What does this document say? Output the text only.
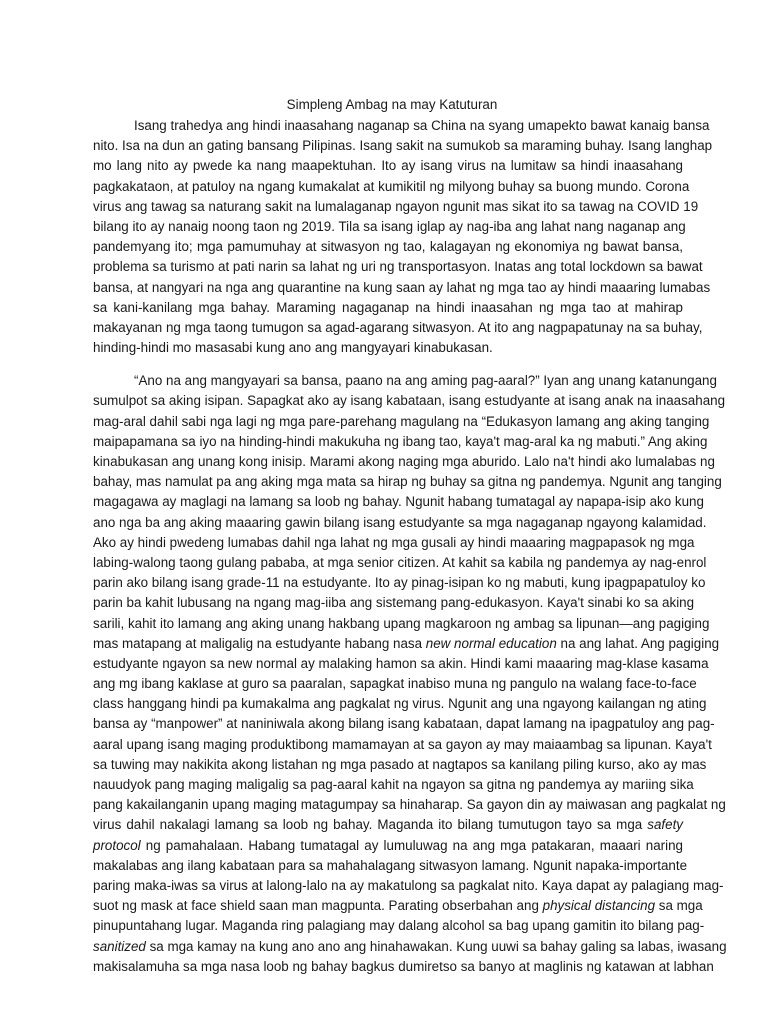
Simpleng Ambag na may Katuturan
Isang trahedya ang hindi inaasahang naganap sa China na syang umapekto bawat kanaig bansa
nito. Isa na dun an gating bansang Pilipinas. Isang sakit na sumukob sa maraming buhay. Isang langhap
mo lang nito ay pwede ka nang maapektuhan. Ito ay isang virus na lumitaw sa hindi inaasahang
pagkakataon, at patuloy na ngang kumakalat at kumikitil ng milyong buhay sa buong mundo. Corona
virus ang tawag sa naturang sakit na lumalaganap ngayon ngunit mas sikat ito sa tawag na COVID 19
bilang ito ay nanaig noong taon ng 2019. Tila sa isang iglap ay nag-iba ang lahat nang naganap ang
pandemyang ito; mga pamumuhay at sitwasyon ng tao, kalagayan ng ekonomiya ng bawat bansa,
problema sa turismo at pati narin sa lahat ng uri ng transportasyon. Inatas ang total lockdown sa bawat
bansa, at nangyari na nga ang quarantine na kung saan ay lahat ng mga tao ay hindi maaaring lumabas
sa kani-kanilang mga bahay. Maraming nagaganap na hindi inaasahan ng mga tao at mahirap
makayanan ng mga taong tumugon sa agad-agarang sitwasyon. At ito ang nagpapatunay na sa buhay,
hinding-hindi mo masasabi kung ano ang mangyayari kinabukasan.
“Ano na ang mangyayari sa bansa, paano na ang aming pag-aaral?” Iyan ang unang katanungang
sumulpot sa aking isipan. Sapagkat ako ay isang kabataan, isang estudyante at isang anak na inaasahang
mag-aral dahil sabi nga lagi ng mga pare-parehang magulang na “Edukasyon lamang ang aking tanging
maipapamana sa iyo na hinding-hindi makukuha ng ibang tao, kaya't mag-aral ka ng mabuti.” Ang aking
kinabukasan ang unang kong inisip. Marami akong naging mga aburido. Lalo na't hindi ako lumalabas ng
bahay, mas namulat pa ang aking mga mata sa hirap ng buhay sa gitna ng pandemya. Ngunit ang tanging
magagawa ay maglagi na lamang sa loob ng bahay. Ngunit habang tumatagal ay napapa-isip ako kung
ano nga ba ang aking maaaring gawin bilang isang estudyante sa mga nagaganap ngayong kalamidad.
Ako ay hindi pwedeng lumabas dahil nga lahat ng mga gusali ay hindi maaaring magpapasok ng mga
labing-walong taong gulang pababa, at mga senior citizen. At kahit sa kabila ng pandemya ay nag-enrol
parin ako bilang isang grade-11 na estudyante. Ito ay pinag-isipan ko ng mabuti, kung ipagpapatuloy ko
parin ba kahit lubusang na ngang mag-iiba ang sistemang pang-edukasyon. Kaya't sinabi ko sa aking
sarili, kahit ito lamang ang aking unang hakbang upang magkaroon ng ambag sa lipunan—ang pagiging
mas matapang at maligalig na estudyante habang nasa new normal education na ang lahat. Ang pagiging
estudyante ngayon sa new normal ay malaking hamon sa akin. Hindi kami maaaring mag-klase kasama
ang mg ibang kaklase at guro sa paaralan, sapagkat inabiso muna ng pangulo na walang face-to-face
class hanggang hindi pa kumakalma ang pagkalat ng virus. Ngunit ang una ngayong kailangan ng ating
bansa ay “manpower” at naniniwala akong bilang isang kabataan, dapat lamang na ipagpatuloy ang pag-
aaral upang isang maging produktibong mamamayan at sa gayon ay may maiaambag sa lipunan. Kaya't
sa tuwing may nakikita akong listahan ng mga pasado at nagtapos sa kanilang piling kurso, ako ay mas
nauudyok pang maging maligalig sa pag-aaral kahit na ngayon sa gitna ng pandemya ay mariing sika
pang kakailanganin upang maging matagumpay sa hinaharap. Sa gayon din ay maiwasan ang pagkalat ng
virus dahil nakalagi lamang sa loob ng bahay. Maganda ito bilang tumutugon tayo sa mga safety
protocol ng pamahalaan. Habang tumatagal ay lumuluwag na ang mga patakaran, maaari naring
makalabas ang ilang kabataan para sa mahahalagang sitwasyon lamang. Ngunit napaka-importante
paring maka-iwas sa virus at lalong-lalo na ay makatulong sa pagkalat nito. Kaya dapat ay palagiang mag-
suot ng mask at face shield saan man magpunta. Parating obserbahan ang physical distancing sa mga
pinupuntahang lugar. Maganda ring palagiang may dalang alcohol sa bag upang gamitin ito bilang pag-
sanitized sa mga kamay na kung ano ano ang hinahawakan. Kung uuwi sa bahay galing sa labas, iwasang
makisalamuha sa mga nasa loob ng bahay bagkus dumiretso sa banyo at maglinis ng katawan at labhan
